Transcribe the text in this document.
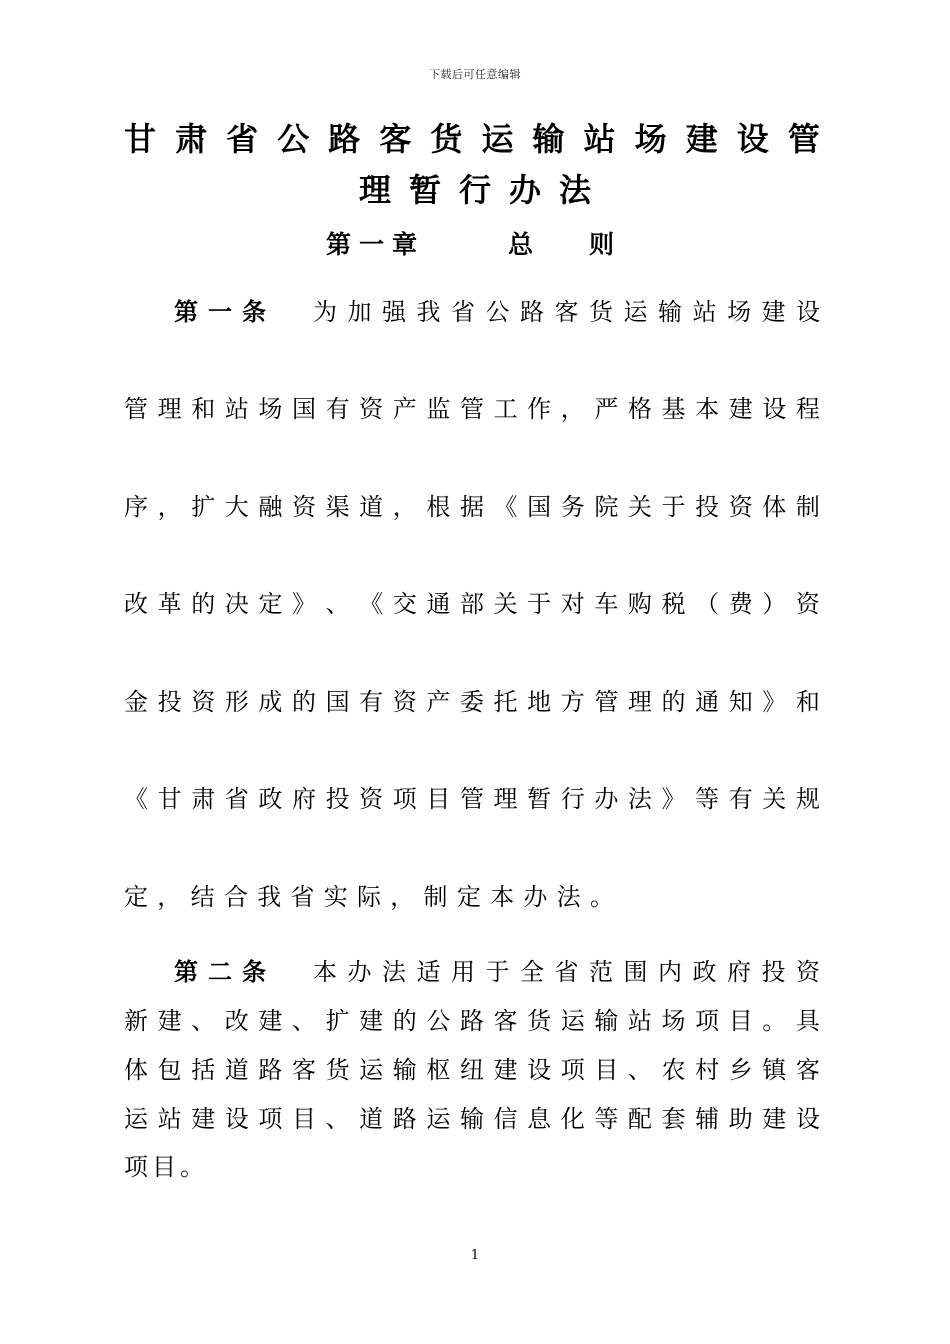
下载后可任意编辑
甘 肃 省 公 路 客 货 运 输 站 场 建 设 管
理暂行办法
第一章	总则
第一条 为 加 强 我 省 公 路 客 货 运 输 站 场 建 设
管 理 和 站 场 国 有 资 产 监 管 工 作 ， 严 格 基 本 建 设 程
序 ， 扩 大 融 资 渠 道 ， 根 据 《 国 务 院 关 于 投 资 体 制
改 革 的 决 定 》 、 《 交 通 部 关 于 对 车 购 税 （ 费 ） 资
金 投 资 形 成 的 国 有 资 产 委 托 地 方 管 理 的 通 知 》 和
《 甘 肃 省 政 府 投 资 项 目 管 理 暂 行 办 法 》 等 有 关 规
定 ， 结 合 我 省 实 际 ， 制 定 本 办 法 。
第二条 本 办 法 适 用 于 全 省 范 围 内 政 府 投 资
新 建 、 改 建 、 扩 建 的 公 路 客 货 运 输 站 场 项 目 。 具
体 包 括 道 路 客 货 运 输 枢 纽 建 设 项 目 、 农 村 乡 镇 客
运 站 建 设 项 目 、 道 路 运 输 信 息 化 等 配 套 辅 助 建 设
项 目 。
1
